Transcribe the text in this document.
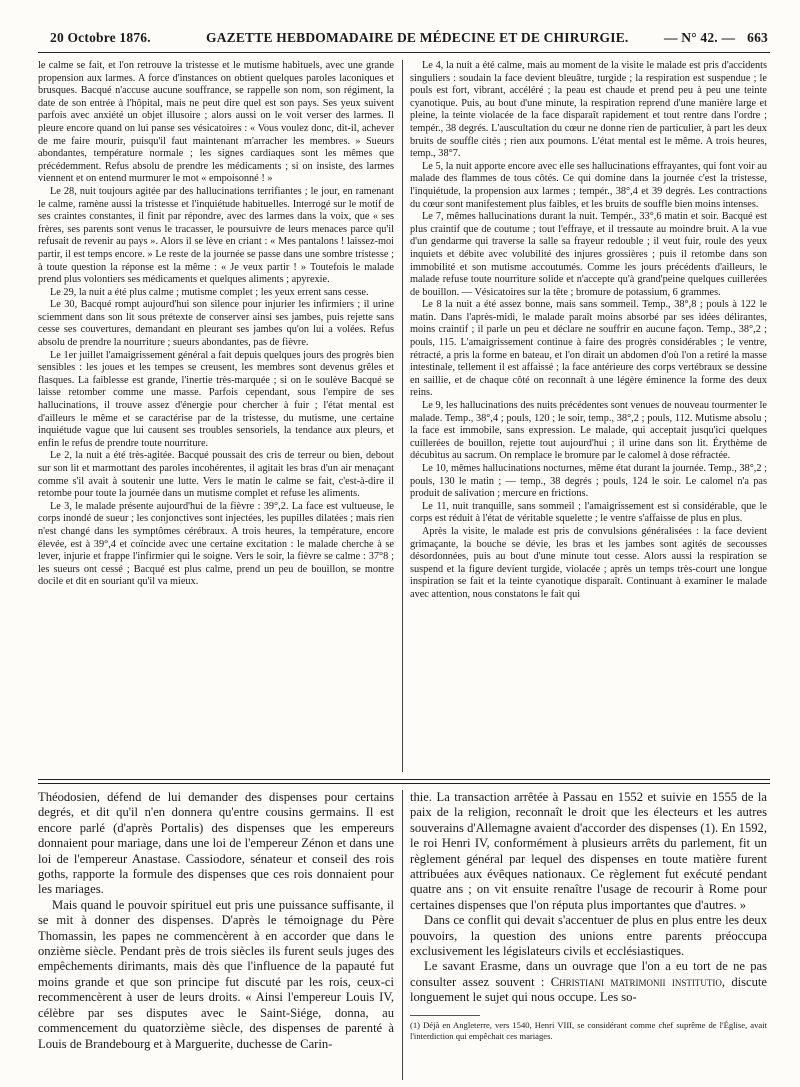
20 Octobre 1876.	GAZETTE HEBDOMADAIRE DE MÉDECINE ET DE CHIRURGIE.	— N° 42. — 663

le calme se fait, et l'on retrouve la tristesse et le mutisme habituels, avec une grande propension aux larmes. A force d'instances on obtient quelques paroles laconiques et brusques. Bacqué n'accuse aucune souffrance, se rappelle son nom, son régiment, la date de son entrée à l'hôpital, mais ne peut dire quel est son pays. Ses yeux suivent parfois avec anxiété un objet illusoire ; alors aussi on le voit verser des larmes. Il pleure encore quand on lui panse ses vésicatoires : « Vous voulez donc, dit-il, achever de me faire mourir, puisqu'il faut maintenant m'arracher les membres. » Sueurs abondantes, température normale ; les signes cardiaques sont les mêmes que précédemment. Refus absolu de prendre les médicaments ; si on insiste, des larmes viennent et on entend murmurer le mot « empoisonné ! »

Le 28, nuit toujours agitée par des hallucinations terrifiantes ; le jour, en ramenant le calme, ramène aussi la tristesse et l'inquiétude habituelles. Interrogé sur le motif de ses craintes constantes, il finit par répondre, avec des larmes dans la voix, que « ses frères, ses parents sont venus le tracasser, le poursuivre de leurs menaces parce qu'il refusait de revenir au pays ». Alors il se lève en criant : « Mes pantalons ! laissez-moi partir, il est temps encore. » Le reste de la journée se passe dans une sombre tristesse ; à toute question la réponse est la même : « Je veux partir ! » Toutefois le malade prend plus volontiers ses médicaments et quelques aliments ; apyrexie.

Le 29, la nuit a été plus calme ; mutisme complet ; les yeux errent sans cesse.

Le 30, Bacqué rompt aujourd'hui son silence pour injurier les infirmiers ; il urine sciemment dans son lit sous prétexte de conserver ainsi ses jambes, puis rejette sans cesse ses couvertures, demandant en pleurant ses jambes qu'on lui a volées. Refus absolu de prendre la nourriture ; sueurs abondantes, pas de fièvre.

Le 1er juillet l'amaigrissement général a fait depuis quelques jours des progrès bien sensibles : les joues et les tempes se creusent, les membres sont devenus grêles et flasques. La faiblesse est grande, l'inertie très-marquée ; si on le soulève Bacqué se laisse retomber comme une masse. Parfois cependant, sous l'empire de ses hallucinations, il trouve assez d'énergie pour chercher à fuir ; l'état mental est d'ailleurs le même et se caractérise par de la tristesse, du mutisme, une certaine inquiétude vague que lui causent ses troubles sensoriels, la tendance aux pleurs, et enfin le refus de prendre toute nourriture.

Le 2, la nuit a été très-agitée. Bacqué poussait des cris de terreur ou bien, debout sur son lit et marmottant des paroles incohérentes, il agitait les bras d'un air menaçant comme s'il avait à soutenir une lutte. Vers le matin le calme se fait, c'est-à-dire il retombe pour toute la journée dans un mutisme complet et refuse les aliments.

Le 3, le malade présente aujourd'hui de la fièvre : 39°,2. La face est vultueuse, le corps inondé de sueur ; les conjonctives sont injectées, les pupilles dilatées ; mais rien n'est changé dans les symptômes cérébraux. A trois heures, la température, encore élevée, est à 39°,4 et coïncide avec une certaine excitation : le malade cherche à se lever, injurie et frappe l'infirmier qui le soigne. Vers le soir, la fièvre se calme : 37°8 ; les sueurs ont cessé ; Bacqué est plus calme, prend un peu de bouillon, se montre docile et dit en souriant qu'il va mieux.

Le 4, la nuit a été calme, mais au moment de la visite le malade est pris d'accidents singuliers : soudain la face devient bleuâtre, turgide ; la respiration est suspendue ; le pouls est fort, vibrant, accéléré ; la peau est chaude et prend peu à peu une teinte cyanotique. Puis, au bout d'une minute, la respiration reprend d'une manière large et pleine, la teinte violacée de la face disparaît rapidement et tout rentre dans l'ordre ; tempér., 38 degrés. L'auscultation du cœur ne donne rien de particulier, à part les deux bruits de souffle cités ; rien aux poumons. L'état mental est le même. A trois heures, temp., 38°7.

Le 5, la nuit apporte encore avec elle ses hallucinations effrayantes, qui font voir au malade des flammes de tous côtés. Ce qui domine dans la journée c'est la tristesse, l'inquiétude, la propension aux larmes ; tempér., 38°,4 et 39 degrés. Les contractions du cœur sont manifestement plus faibles, et les bruits de souffle bien moins intenses.

Le 7, mêmes hallucinations durant la nuit. Tempér., 33°,6 matin et soir. Bacqué est plus craintif que de coutume ; tout l'effraye, et il tressaute au moindre bruit. A la vue d'un gendarme qui traverse la salle sa frayeur redouble ; il veut fuir, roule des yeux inquiets et débite avec volubilité des injures grossières ; puis il retombe dans son immobilité et son mutisme accoutumés. Comme les jours précédents d'ailleurs, le malade refuse toute nourriture solide et n'accepte qu'à grand'peine quelques cuillerées de bouillon. — Vésicatoires sur la tête ; bromure de potassium, 6 grammes.

Le 8 la nuit a été assez bonne, mais sans sommeil. Temp., 38°,8 ; pouls à 122 le matin. Dans l'après-midi, le malade paraît moins absorbé par ses idées délirantes, moins craintif ; il parle un peu et déclare ne souffrir en aucune façon. Temp., 38°,2 ; pouls, 115. L'amaigrissement continue à faire des progrès considérables ; le ventre, rétracté, a pris la forme en bateau, et l'on dirait un abdomen d'où l'on a retiré la masse intestinale, tellement il est affaissé ; la face antérieure des corps vertébraux se dessine en saillie, et de chaque côté on reconnaît à une légère éminence la forme des deux reins.

Le 9, les hallucinations des nuits précédentes sont venues de nouveau tourmenter le malade. Temp., 38°,4 ; pouls, 120 ; le soir, temp., 38°,2 ; pouls, 112. Mutisme absolu ; la face est immobile, sans expression. Le malade, qui acceptait jusqu'ici quelques cuillerées de bouillon, rejette tout aujourd'hui ; il urine dans son lit. Érythème de décubitus au sacrum. On remplace le bromure par le calomel à dose réfractée.

Le 10, mêmes hallucinations nocturnes, même état durant la journée. Temp., 38°,2 ; pouls, 130 le matin ; — temp., 38 degrés ; pouls, 124 le soir. Le calomel n'a pas produit de salivation ; mercure en frictions.

Le 11, nuit tranquille, sans sommeil ; l'amaigrissement est si considérable, que le corps est réduit à l'état de véritable squelette ; le ventre s'affaisse de plus en plus.

Après la visite, le malade est pris de convulsions généralisées : la face devient grimaçante, la bouche se dévie, les bras et les jambes sont agités de secousses désordonnées, puis au bout d'une minute tout cesse. Alors aussi la respiration se suspend et la figure devient turgide, violacée ; après un temps très-court une longue inspiration se fait et la teinte cyanotique disparaît. Continuant à examiner le malade avec attention, nous constatons le fait qui

Théodosien, défend de lui demander des dispenses pour certains degrés, et dit qu'il n'en donnera qu'entre cousins germains. Il est encore parlé (d'après Portalis) des dispenses que les empereurs donnaient pour mariage, dans une loi de l'empereur Zénon et dans une loi de l'empereur Anastase. Cassiodore, sénateur et conseil des rois goths, rapporte la formule des dispenses que ces rois donnaient pour les mariages.

Mais quand le pouvoir spirituel eut pris une puissance suffisante, il se mit à donner des dispenses. D'après le témoignage du Père Thomassin, les papes ne commencèrent à en accorder que dans le onzième siècle. Pendant près de trois siècles ils furent seuls juges des empêchements dirimants, mais dès que l'influence de la papauté fut moins grande et que son principe fut discuté par les rois, ceux-ci recommencèrent à user de leurs droits. « Ainsi l'empereur Louis IV, célèbre par ses disputes avec le Saint-Siége, donna, au commencement du quatorzième siècle, des dispenses de parenté à Louis de Brandebourg et à Marguerite, duchesse de Carin-

thie. La transaction arrêtée à Passau en 1552 et suivie en 1555 de la paix de la religion, reconnaît le droit que les électeurs et les autres souverains d'Allemagne avaient d'accorder des dispenses (1). En 1592, le roi Henri IV, conformément à plusieurs arrêts du parlement, fit un règlement général par lequel des dispenses en toute matière furent attribuées aux évêques nationaux. Ce règlement fut exécuté pendant quatre ans ; on vit ensuite renaître l'usage de recourir à Rome pour certaines dispenses que l'on réputa plus importantes que d'autres. »

Dans ce conflit qui devait s'accentuer de plus en plus entre les deux pouvoirs, la question des unions entre parents préoccupa exclusivement les législateurs civils et ecclésiastiques.

Le savant Erasme, dans un ouvrage que l'on a eu tort de ne pas consulter assez souvent : Christiani matrimonii institutio, discute longuement le sujet qui nous occupe. Les so-

(1) Déjà en Angleterre, vers 1540, Henri VIII, se considérant comme chef suprême de l'Église, avait l'interdiction qui empêchait ces mariages.
